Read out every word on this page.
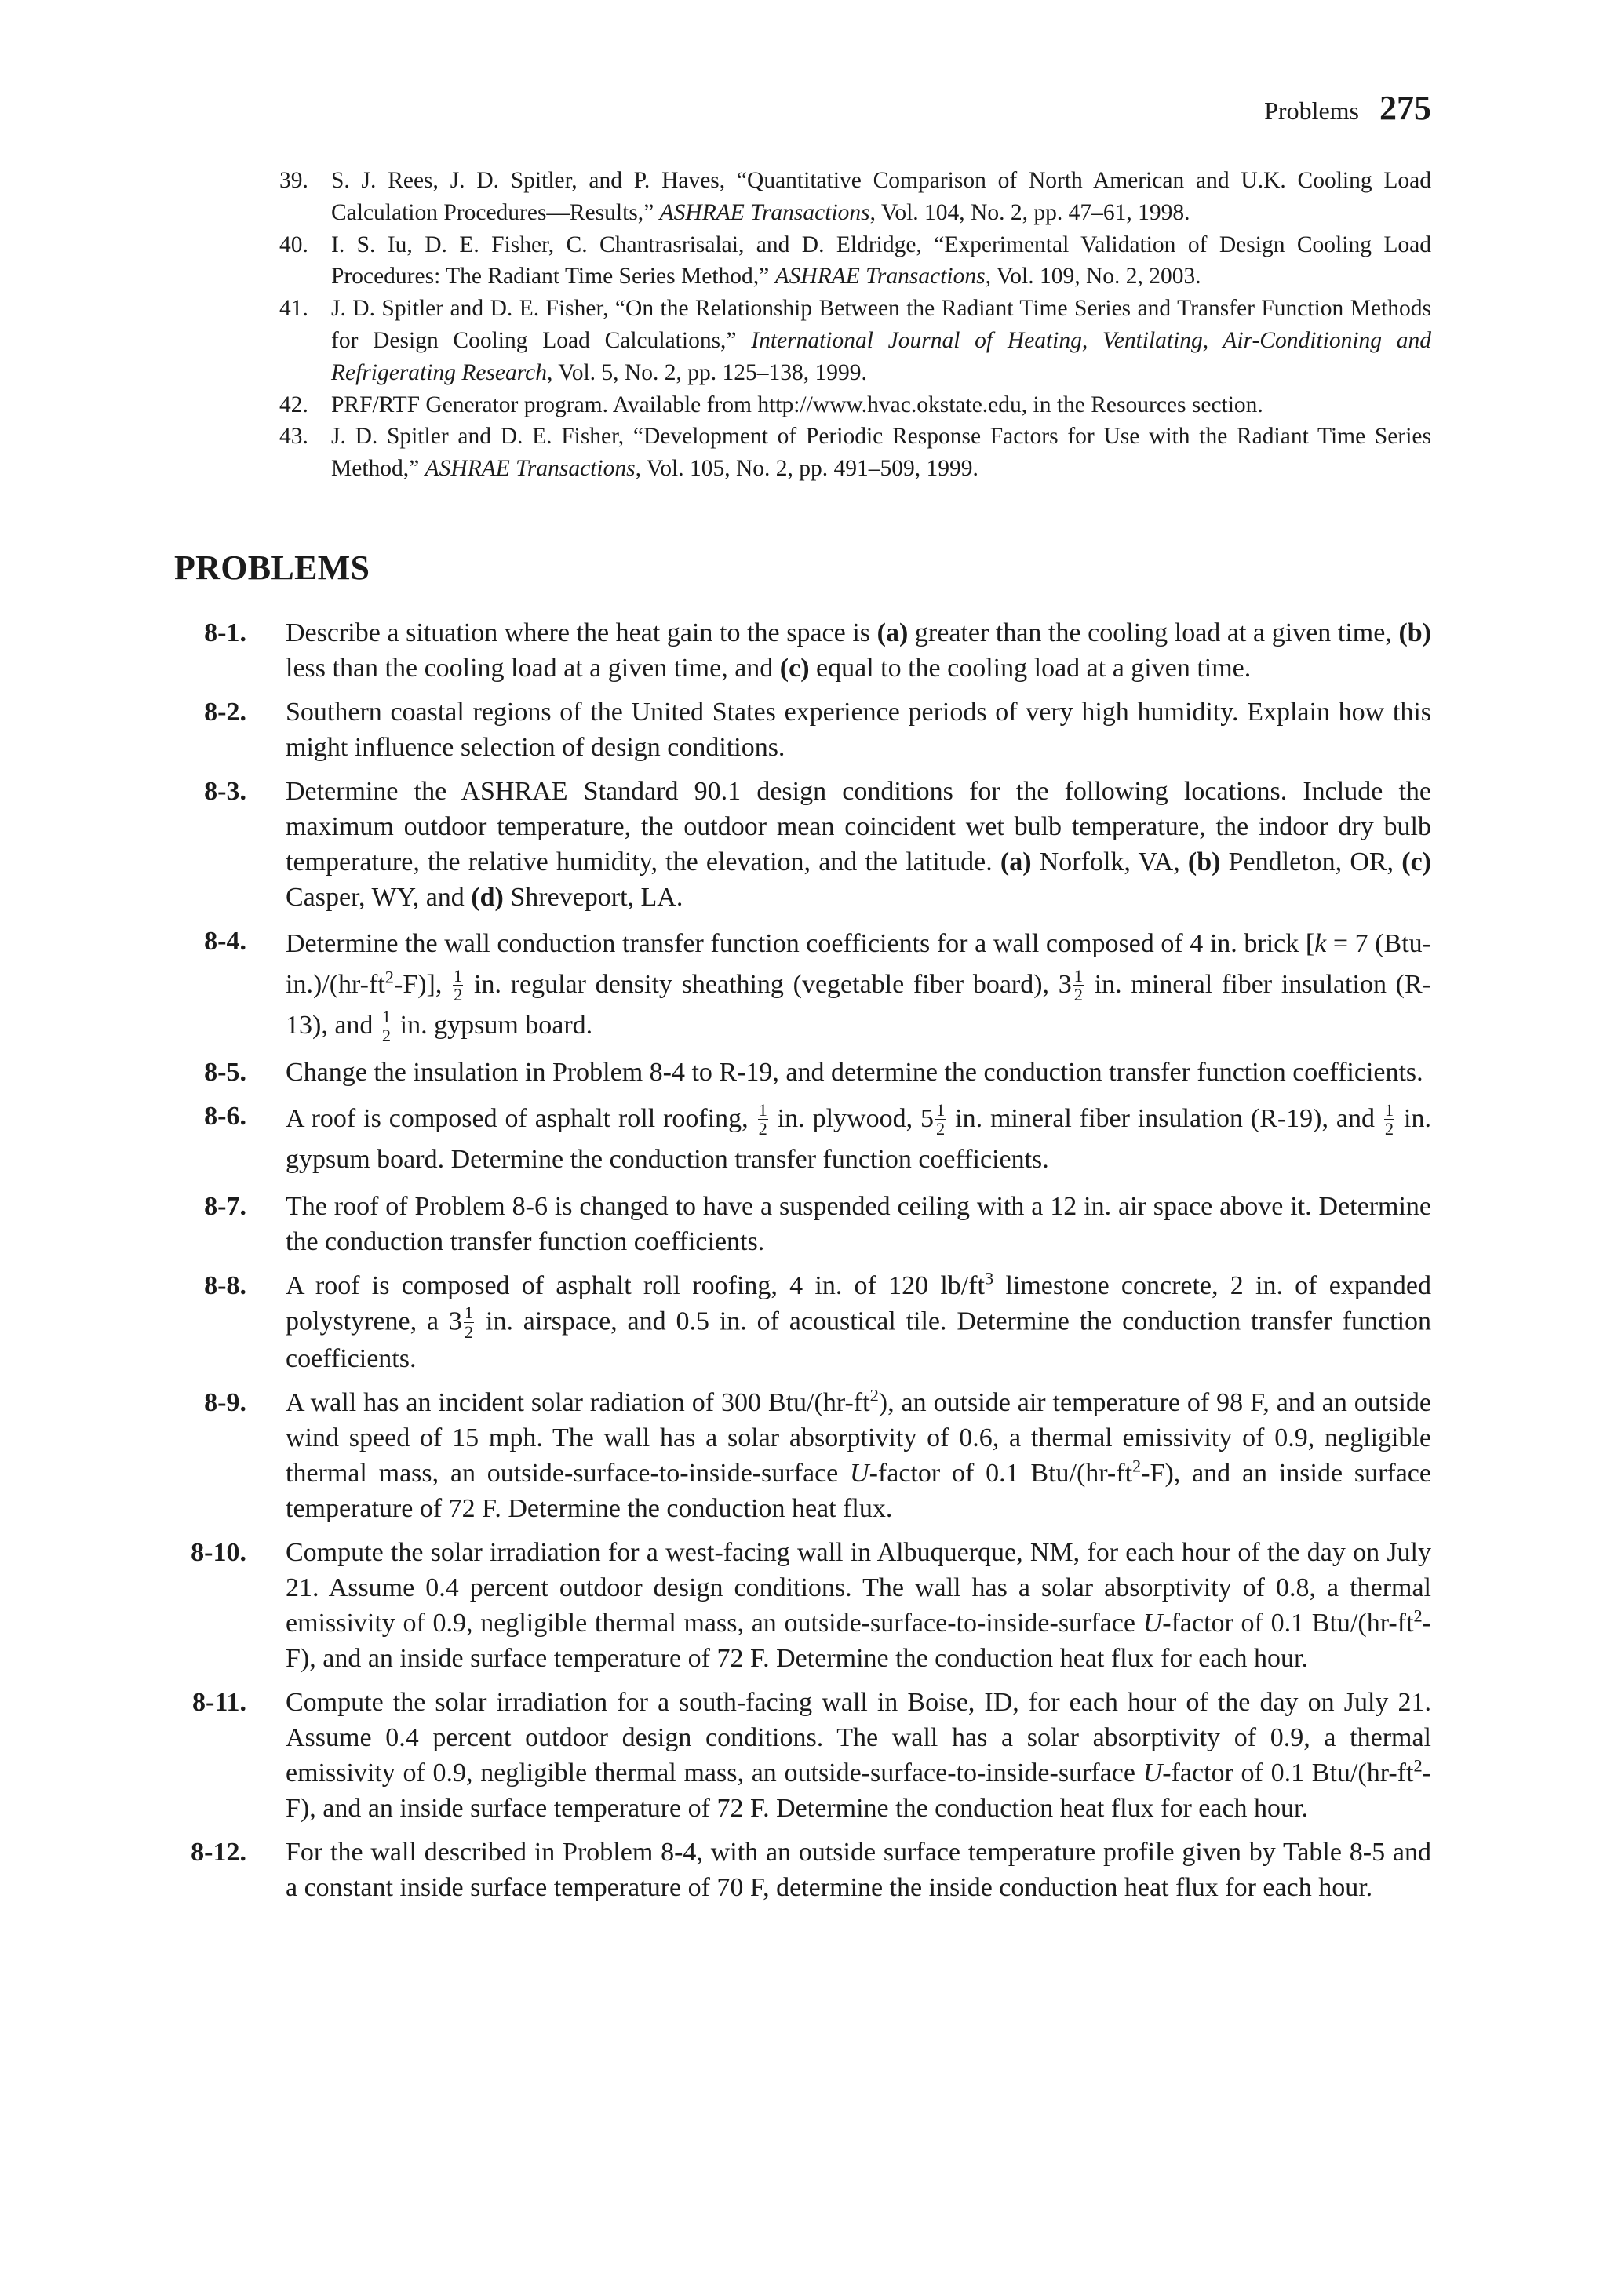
Problems 275
39. S. J. Rees, J. D. Spitler, and P. Haves, “Quantitative Comparison of North American and U.K. Cooling Load Calculation Procedures—Results,” ASHRAE Transactions, Vol. 104, No. 2, pp. 47–61, 1998.
40. I. S. Iu, D. E. Fisher, C. Chantrasrisalai, and D. Eldridge, “Experimental Validation of Design Cooling Load Procedures: The Radiant Time Series Method,” ASHRAE Transactions, Vol. 109, No. 2, 2003.
41. J. D. Spitler and D. E. Fisher, “On the Relationship Between the Radiant Time Series and Transfer Function Methods for Design Cooling Load Calculations,” International Journal of Heating, Ventilating, Air-Conditioning and Refrigerating Research, Vol. 5, No. 2, pp. 125–138, 1999.
42. PRF/RTF Generator program. Available from http://www.hvac.okstate.edu, in the Resources section.
43. J. D. Spitler and D. E. Fisher, “Development of Periodic Response Factors for Use with the Radiant Time Series Method,” ASHRAE Transactions, Vol. 105, No. 2, pp. 491–509, 1999.
PROBLEMS
8-1. Describe a situation where the heat gain to the space is (a) greater than the cooling load at a given time, (b) less than the cooling load at a given time, and (c) equal to the cooling load at a given time.
8-2. Southern coastal regions of the United States experience periods of very high humidity. Explain how this might influence selection of design conditions.
8-3. Determine the ASHRAE Standard 90.1 design conditions for the following locations. Include the maximum outdoor temperature, the outdoor mean coincident wet bulb temperature, the indoor dry bulb temperature, the relative humidity, the elevation, and the latitude. (a) Norfolk, VA, (b) Pendleton, OR, (c) Casper, WY, and (d) Shreveport, LA.
8-4. Determine the wall conduction transfer function coefficients for a wall composed of 4 in. brick [k = 7 $(Btu-in.)/(hr-ft^2-F)$], $\frac{1}{2}$ in. regular density sheathing (vegetable fiber board), $3 \frac{1}{2}$ in. mineral fiber insulation (R-13), and $\frac{1}{2}$ in. gypsum board.
8-5. Change the insulation in Problem 8-4 to R-19, and determine the conduction transfer function coefficients.
8-6. A roof is composed of asphalt roll roofing, $\frac{1}{2}$ in. plywood, $5 \frac{1}{2}$ in. mineral fiber insulation (R-19), and $\frac{1}{2}$ in. gypsum board. Determine the conduction transfer function coefficients.
8-7. The roof of Problem 8-6 is changed to have a suspended ceiling with a 12 in. air space above it. Determine the conduction transfer function coefficients.
8-8. A roof is composed of asphalt roll roofing, 4 in. of 120 $lb/ft^3$ limestone concrete, 2 in. of expanded polystyrene, a $3 \frac{1}{2}$ in. airspace, and 0.5 in. of acoustical tile. Determine the conduction transfer function coefficients.
8-9. A wall has an incident solar radiation of 300 Btu/$(hr-ft^2)$, an outside air temperature of 98 F, and an outside wind speed of 15 mph. The wall has a solar absorptivity of 0.6, a thermal emissivity of 0.9, negligible thermal mass, an outside-surface-to-inside-surface U-factor of 0.1 Btu/$(hr-ft^2-F)$, and an inside surface temperature of 72 F. Determine the conduction heat flux.
8-10. Compute the solar irradiation for a west-facing wall in Albuquerque, NM, for each hour of the day on July 21. Assume 0.4 percent outdoor design conditions. The wall has a solar absorptivity of 0.8, a thermal emissivity of 0.9, negligible thermal mass, an outside-surface-to-inside-surface U-factor of 0.1 Btu/$(hr-ft^2-F)$, and an inside surface temperature of 72 F. Determine the conduction heat flux for each hour.
8-11. Compute the solar irradiation for a south-facing wall in Boise, ID, for each hour of the day on July 21. Assume 0.4 percent outdoor design conditions. The wall has a solar absorptivity of 0.9, a thermal emissivity of 0.9, negligible thermal mass, an outside-surface-to-inside-surface U-factor of 0.1 Btu/$(hr-ft^2-F)$, and an inside surface temperature of 72 F. Determine the conduction heat flux for each hour.
8-12. For the wall described in Problem 8-4, with an outside surface temperature profile given by Table 8-5 and a constant inside surface temperature of 70 F, determine the inside conduction heat flux for each hour.
